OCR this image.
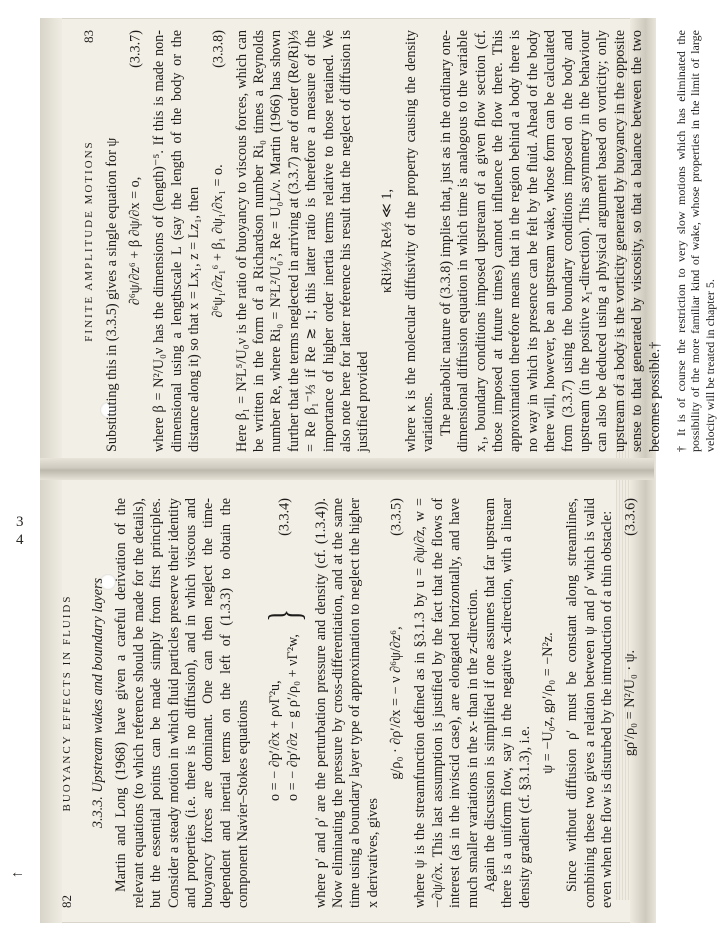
3
4
↑
82
BUOYANCY EFFECTS IN FLUIDS 3.3.3. Upstream wakes and boundary layers Martin and Long (1968) have given a careful derivation of the relevant equations (to which reference should be made for the details), but the essential points can be made simply from first principles. Consider a steady motion in which fluid particles preserve their identity and properties (i.e. there is no diffusion), and in which viscous and buoyancy forces are dominant. One can then neglect the time-dependent and inertial terms on the left of (1.3.3) to obtain the component Navier–Stokes equations o = − ∂p′/∂x + ρνΓ²u, o = − ∂p′/∂z − g ρ′/ρ₀ + νΓ²w,
}
(3.3.4) where p′ and ρ′ are the perturbation pressure and density (cf. (1.3.4)). Now eliminating the pressure by cross-differentiation, and at the same time using a boundary layer type of approximation to neglect the higher x derivatives, gives

g/ρ₀ · ∂ρ′/∂x = − ν ∂⁶ψ/∂z⁶,
(3.3.5) where ψ is the streamfunction defined as in §3.1.3 by u = ∂ψ/∂z, w = −∂ψ/∂x. This last assumption is justified by the fact that the flows of interest (as in the inviscid case), are elongated horizontally, and have much smaller variations in the x- than in the z-direction. Again the discussion is simplified if one assumes that far upstream there is a uniform flow, say in the negative x-direction, with a linear density gradient (cf. §3.1.3), i.e.

ψ = −U₀z, gρ′/ρ₀ = −N²z. Since without diffusion ρ′ must be constant along streamlines, combining these two gives a relation between ψ and ρ′ which is valid even when the flow is disturbed by the introduction of a thin obstacle: gρ′/ρ₀ = N²/U₀ · ψ.
(3.3.6)
FINITE AMPLITUDE MOTIONS
83

Substituting this in (3.3.5) gives a single equation for ψ ∂⁶ψ/∂z⁶ + β ∂ψ/∂x = o,
(3.3.7) where β = N²/U₀ν has the dimensions of (length)⁻⁵. If this is made non-dimensional using a lengthscale L (say the length of the body or the distance along it) so that x = Lx₁, z = Lz₁, then ∂⁶ψ₁/∂z₁⁶ + β₁ ∂ψ₁/∂x₁ = o.
(3.3.8) Here β₁ = N²L⁵/U₀ν is the ratio of buoyancy to viscous forces, which can be written in the form of a Richardson number Ri₀ times a Reynolds number Re, where Ri₀ = N²L²/U₀², Re = U₀L/ν. Martin (1966) has shown further that the terms neglected in arriving at (3.3.7) are of order (Re/Ri)⅓ = Re β₁⁻⅓ if Re ≳ 1; this latter ratio is therefore a measure of the importance of higher order inertia terms relative to those retained. We also note here for later reference his result that the neglect of diffusion is justified provided

κRi⅓/ν Re⅓ ≪ 1, where κ is the molecular diffusivity of the property causing the density variations. The parabolic nature of (3.3.8) implies that, just as in the ordinary one-dimensional diffusion equation in which time is analogous to the variable x₁, boundary conditions imposed upstream of a given flow section (cf. those imposed at future times) cannot influence the flow there. This approximation therefore means that in the region behind a body there is no way in which its presence can be felt by the fluid. Ahead of the body there will, however, be an upstream wake, whose form can be calculated from (3.3.7) using the boundary conditions imposed on the body and upstream (in the positive x₁-direction). This asymmetry in the behaviour can also be deduced using a physical argument based on vorticity; only upstream of a body is the vorticity generated by buoyancy in the opposite sense to that generated by viscosity, so that a balance between the two becomes possible.† † It is of course the restriction to very slow motions which has eliminated the possibility of the more familiar kind of wake, whose properties in the limit of large velocity will be treated in chapter 5.
